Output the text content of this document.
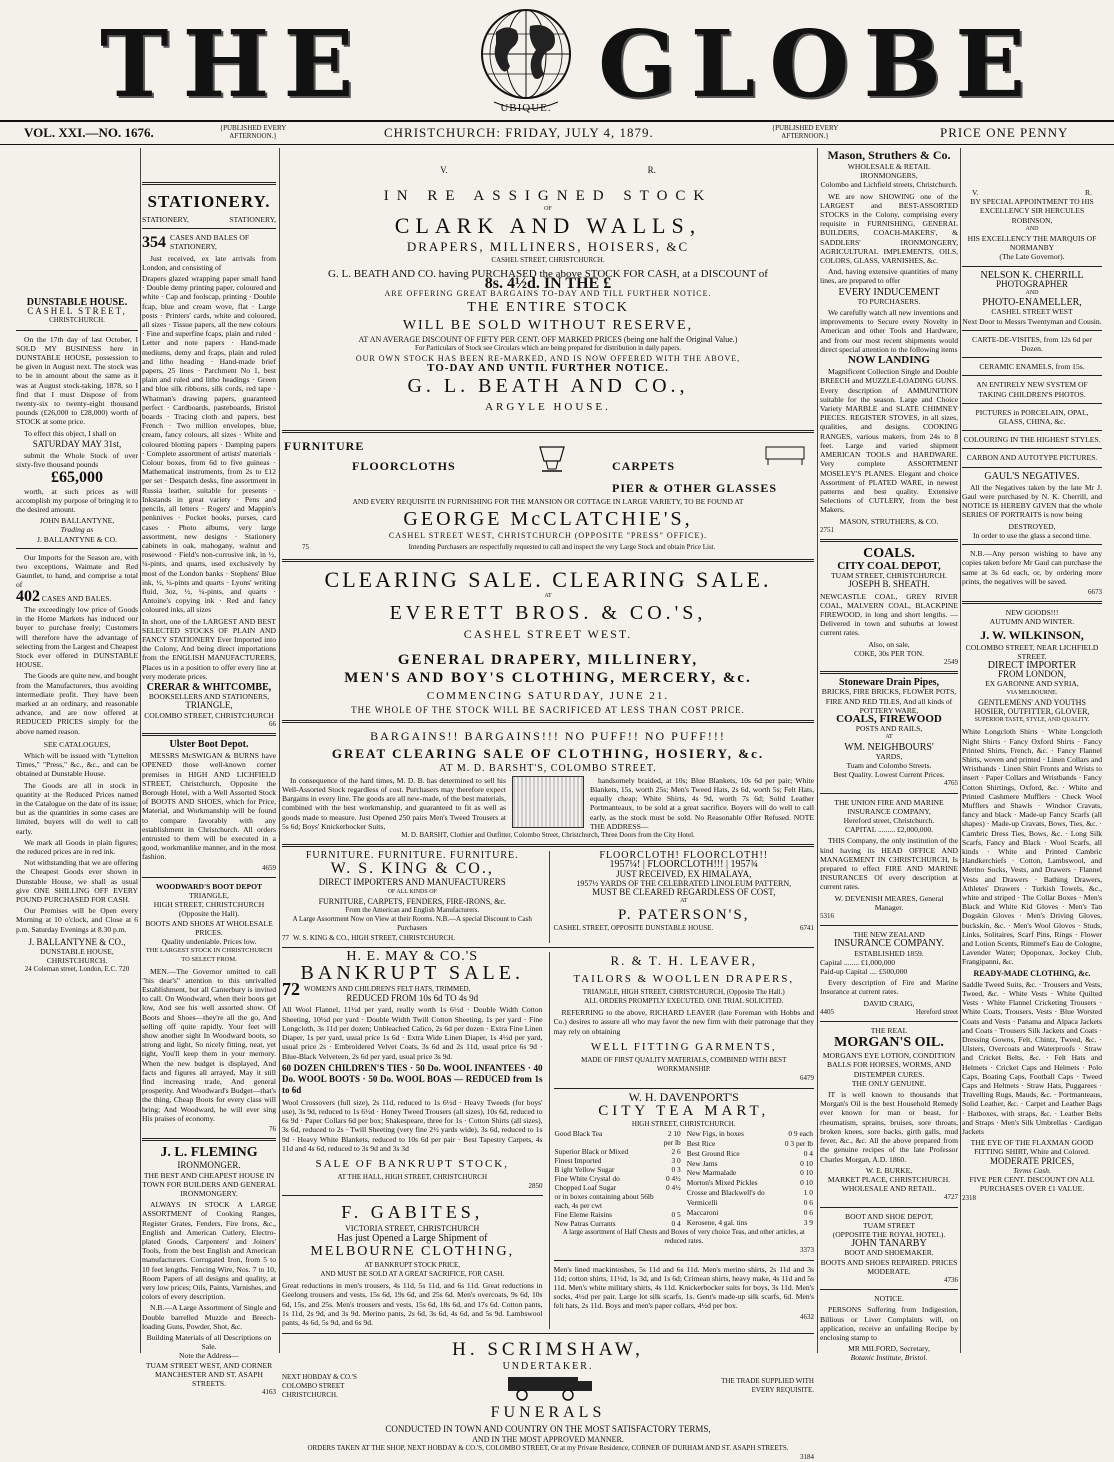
THE	UBIQUE. GLOBE
VOL. XXI.—NO. 1676.	{PUBLISHED EVERY AFTERNOON.}	CHRISTCHURCH: FRIDAY, JULY 4, 1879.	{PUBLISHED EVERY AFTERNOON.}	PRICE ONE PENNY
DUNSTABLE HOUSE.
CASHEL STREET,
CHRISTCHURCH.

On the 17th day of last October, I SOLD MY BUSINESS here in DUNSTABLE HOUSE, possession to be given in August next. The stock was to be in amount about the same as it was at August stock-taking, 1878, so I find that I must Dispose of from twenty-six to twenty-eight thousand pounds (£26,000 to £28,000) worth of STOCK at some price.

To effect this object, I shall on

SATURDAY MAY 31st,

submit the Whole Stock of over sixty-five thousand pounds

£65,000

worth, at such prices as will accomplish my purpose of bringing it to the desired amount.

JOHN BALLANTYNE,
Trading as
J. BALLANTYNE & CO.

Our Imports for the Season are, with two exceptions, Waimate and Red Gauntlet, to hand, and comprise a total of

402 CASES AND BALES.

The exceedingly low price of Goods in the Home Markets has induced our buyer to purchase freely; Customers will therefore have the advantage of selecting from the Largest and Cheapest Stock ever offered in DUNSTABLE HOUSE.

The Goods are quite new, and bought from the Manufacturers, thus avoiding intermediate profit. They have been marked at an ordinary, and reasonable advance, and are now offered at REDUCED PRICES simply for the above named reason.

SEE CATALOGUES,

Which will be issued with "Lyttelton Times," "Press," &c., &c., and can be obtained at Dunstable House.

The Goods are all in stock in quantity at the Reduced Prices named in the Catalogue on the date of its issue; but as the quantities in some cases are limited, buyers will do well to call early.

We mark all Goods in plain figures; the reduced prices are in red ink.

Not withstanding that we are offering the Cheapest Goods ever shown in Dunstable House, we shall as usual give ONE SHILLING OFF EVERY POUND PURCHASED FOR CASH.

Our Premises will be Open every Morning at 10 o'clock, and Close at 6 p.m. Saturday Evenings at 8.30 p.m.

J. BALLANTYNE & CO.,
DUNSTABLE HOUSE,
CHRISTCHURCH.
24 Coleman street, London, E.C. 720
STATIONERY.
STATIONERY,	STATIONERY,
354 CASES AND BALES OF STATIONERY,

Just received, ex late arrivals from London, and consisting of

Drapers glazed wrapping paper small hand · Double demy printing paper, coloured and white · Cap and foolscap, printing · Double fcap, blue and cream wove, flat · Large posts · Printers' cards, white and coloured, all sizes · Tissue papers, all the new colours · Fine and superfine fcaps, plain and ruled · Letter and note papers · Hand-made mediums, demy and fcaps, plain and ruled and litho heading · Hand-made brief papers, 25 lines · Parchment No 1, best plain and ruled and litho headings · Green and blue silk ribbons, silk cords, red tape · Whatman's drawing papers, guaranteed perfect · Cardboards, pasteboards, Bristol boards · Tracing cloth and papers, best French · Two million envelopes, blue, cream, fancy colours, all sizes · White and coloured blotting papers · Damping papers · Complete assortment of artists' materials · Colour boxes, from 6d to five guineas · Mathematical instruments, from 2s to £12 per set · Despatch desks, fine assortment in Russia leather, suitable for presents · Inkstands in great variety · Pens and pencils, all letters · Rogers' and Mappin's penknives · Pocket books, purses, card cases · Photo albums, very large assortment, new designs · Stationery cabinets in oak, mahogany, walnut and rosewood · Field's non-corrosive ink, in ½, ¼-pints, and quarts, used exclusively by most of the London banks · Stephens' Blue ink, ½, ¼-pints and quarts · Lyons' writing fluid, 3oz, ½, ¼-pints, and quarts · Antoine's copying ink · Red and fancy coloured inks, all sizes

In short, one of the LARGEST AND BEST SELECTED STOCKS OF PLAIN AND FANCY STATIONERY Ever Imported into the Colony, And being direct importations from the ENGLISH MANUFACTURERS, Places us in a position to offer every line at very moderate prices.

CRERAR & WHITCOMBE,
BOOKSELLERS AND STATIONERS,
TRIANGLE,
COLOMBO STREET, CHRISTCHURCH
66
Ulster Boot Depot.

MESSRS McSWIGAN & BURNS have OPENED those well-known corner premises in HIGH AND LICHFIELD STREET, Christchurch, Opposite the Borough Hotel, with a Well Assorted Stock of BOOTS AND SHOES, which for Price, Material, and Workmanship will be found to compare favorably with any establishment in Christchurch. All orders entrusted to them will be executed in a good, workmanlike manner, and in the most fashion.

4659
WOODWARD'S BOOT DEPOT
TRIANGLE,
HIGH STREET, CHRISTCHURCH
(Opposite the Hall).
BOOTS AND SHOES AT WHOLESALE PRICES.
Quality undeniable. Prices low.
THE LARGEST STOCK IN CHRISTCHURCH TO SELECT FROM.

MEN.—The Governor omitted to call "his dear's" attention to this unrivalled Establishment, but all Canterbury is invited to call. On Woodward, when their boots get low, And see his well assorted show. Of Boots and Shoes—they're all the go, And selling off quite rapidly. Your feet will show another sight In Woodward boots, so strong and light, So nicely fitting, neat, yet tight, You'll keep them in your memory. When the new budget is displayed, And facts and figures all arrayed, May it still find increasing trade, And general prosperity. And Woodward's Budget—that's the thing, Cheap Boots for every class will bring; And Woodward, he will ever sing His praises of economy.

76
J. L. FLEMING
IRONMONGER.
THE BEST AND CHEAPEST HOUSE IN TOWN FOR BUILDERS AND GENERAL IRONMONGERY.

ALWAYS IN STOCK A LARGE ASSORTMENT of Cooking Ranges, Register Grates, Fenders, Fire Irons, &c., English and American Cutlery, Electro-plated Goods, Carpenters' and Joiners' Tools, from the best English and American manufacturers. Corrugated Iron, from 5 to 10 feet lengths. Fencing Wire, Nos. 7 to 10, Room Papers of all designs and quality, at very low prices; Oils, Paints, Varnishes, and colors of every description.

N.B.—A Large Assortment of Single and Double barrelled Muzzle and Breech-loading Guns, Powder, Shot, &c.

Building Materials of all Descriptions on Sale.
Note the Address—
TUAM STREET WEST, AND CORNER MANCHESTER AND ST. ASAPH STREETS.
4163
V.	R.
IN RE ASSIGNED STOCK
OF
CLARK AND WALLS,
DRAPERS, MILLINERS, HOISERS, &C
CASHEL STREET, CHRISTCHURCH.
G. L. BEATH AND CO. having PURCHASED the above STOCK FOR CASH, at a DISCOUNT of
8s. 4½d. IN THE £
ARE OFFERING GREAT BARGAINS TO-DAY AND TILL FURTHER NOTICE.
THE ENTIRE STOCK
WILL BE SOLD WITHOUT RESERVE,
AT AN AVERAGE DISCOUNT OF FIFTY PER CENT. OFF MARKED PRICES (being one half the Original Value.)
For Particulars of Stock see Circulars which are being prepared for distribution in daily papers.
OUR OWN STOCK HAS BEEN RE-MARKED, AND IS NOW OFFERED WITH THE ABOVE,
TO-DAY AND UNTIL FURTHER NOTICE.
G. L. BEATH AND CO.,
ARGYLE HOUSE.
FURNITURE
FLOORCLOTHS	CARPETS
PIER & OTHER GLASSES
AND EVERY REQUISITE IN FURNISHING FOR THE MANSION OR COTTAGE IN LARGE VARIETY, TO BE FOUND AT
GEORGE McCLATCHIE'S,
CASHEL STREET WEST, CHRISTCHURCH (OPPOSITE "PRESS" OFFICE).
75	Intending Purchasers are respectfully requested to call and inspect the very Large Stock and obtain Price List.
CLEARING SALE. CLEARING SALE.
AT
EVERETT BROS. & CO.'S,
CASHEL STREET WEST.
GENERAL DRAPERY, MILLINERY,
MEN'S AND BOY'S CLOTHING, MERCERY, &c.
COMMENCING SATURDAY, JUNE 21.
THE WHOLE OF THE STOCK WILL BE SACRIFICED AT LESS THAN COST PRICE.
BARGAINS!! BARGAINS!!! NO PUFF!! NO PUFF!!!
GREAT CLEARING SALE OF CLOTHING, HOSIERY, &c.
AT M. D. BARSHT'S, COLOMBO STREET.

In consequence of the hard times, M. D. B. has determined to sell his Well-Assorted Stock regardless of cost. Purchasers may therefore expect Bargains in every line. The goods are all new-made, of the best materials, combined with the best workmanship, and guaranteed to fit as well as goods made to measure. Just Opened 250 pairs Men's Tweed Trousers at 5s 6d; Boys' Knickerbocker Suits,

handsomely braided, at 10s; Blue Blankets, 10s 6d per pair; White Blankets, 15s, worth 25s; Men's Tweed Hats, 2s 6d, worth 5s; Felt Hats, equally cheap; White Shirts, 4s 9d, worth 7s 6d; Solid Leather Portmanteaux, to be sold at a great sacrifice. Boyers will do well to call early, as the stock must be sold. No Reasonable Offer Refused. NOTE THE ADDRESS—

M. D. BARSHT, Clothier and Outfitter, Colombo Street, Christchurch, Three Doors from the City Hotel.
FURNITURE. FURNITURE. FURNITURE.
W. S. KING & CO.,
DIRECT IMPORTERS AND MANUFACTURERS
OF ALL KINDS OF
FURNITURE, CARPETS, FENDERS, FIRE-IRONS, &c.
From the American and English Manufacturers.
A Large Assortment Now on View at their Rooms. N.B.—A special Discount to Cash Purchasers
77 W. S. KING & CO., HIGH STREET, CHRISTCHURCH.
FLOORCLOTH! FLOORCLOTH!!
1957¼! | FLOORCLOTH!!! | 1957¾
JUST RECEIVED, EX HIMALAYA,
1957½ YARDS OF THE CELEBRATED LINOLEUM PATTERN,
MUST BE CLEARED REGARDLESS OF COST,
AT
P. PATERSON'S,
CASHEL STREET, OPPOSITE DUNSTABLE HOUSE.	6741
H. E. MAY & CO.'S
BANKRUPT SALE.
72 WOMEN'S AND CHILDREN'S FELT HATS, TRIMMED,
REDUCED FROM 10s 6d TO 4s 9d

All Wool Flannel, 11½d per yard, really worth 1s 6½d · Double Width Cotton Sheeting, 10½d per yard · Double Width Twill Cotton Sheeting, 1s per yard · Fine Longcloth, 3s 11d per dozen; Unbleached Calico, 2s 6d per dozen · Extra Fine Linen Diaper, 1s per yard, usual price 1s 6d · Extra Wide Linen Diaper, 1s 4½d per yard, usual price 2s · Embroidered Velvet Coats, 3s 6d and 2s 11d, usual price 6s 9d · Blue-Black Velveteen, 2s 6d per yard, usual price 3s 9d.

60 DOZEN CHILDREN'S TIES · 50 Do. WOOL INFANTEES · 40 Do. WOOL BOOTS · 50 Do. WOOL BOAS — REDUCED from 1s to 6d

Wool Crossovers (full size), 2s 11d, reduced to 1s 6½d · Heavy Tweeds (for boys' use), 3s 9d, reduced to 1s 6½d · Honey Tweed Trousers (all sizes), 10s 6d, reduced to 6s 9d · Paper Collars 6d per box; Shakespeare, three for 1s · Cotton Shirts (all sizes), 3s 6d, reduced to 2s · Twill Sheeting (very fine 2½ yards wide), 3s 6d, reduced to 1s 9d · Heavy White Blankets, reduced to 10s 6d per pair · Best Tapestry Carpets, 4s 11d and 4s 6d, reduced to 3s 9d and 3s 3d

SALE OF BANKRUPT STOCK,
AT THE HALL, HIGH STREET, CHRISTCHURCH
2850
F. GABITES,
VICTORIA STREET, CHRISTCHURCH
Has just Opened a Large Shipment of
MELBOURNE CLOTHING,
AT BANKRUPT STOCK PRICE,
AND MUST BE SOLD AT A GREAT SACRIFICE, FOR CASH.

Great reductions in men's trousers, 4s 11d, 5s 11d, and 6s 11d. Great reductions in Geelong trousers and vests, 15s 6d, 19s 6d, and 25s 6d. Men's overcoats, 9s 6d, 10s 6d, 15s, and 25s. Men's trousers and vests, 15s 6d, 18s 6d, and 17s 6d. Cotton pants, 1s 11d, 2s 9d, and 3s 9d. Merino pants, 2s 6d, 3s 6d, 4s 6d, and 5s 9d. Lambswool pants, 4s 6d, 5s 9d, and 6s 9d.

R. & T. H. LEAVER,
TAILORS & WOOLLEN DRAPERS,
TRIANGLE, HIGH STREET, CHRISTCHURCH, (Opposite The Hall.)
ALL ORDERS PROMPTLY EXECUTED. ONE TRIAL SOLICITED.

REFERRING to the above, RICHARD LEAVER (late Foreman with Hobbs and Co.) desires to assure all who may favor the new firm with their patronage that they may rely on obtaining

WELL FITTING GARMENTS,
MADE OF FIRST QUALITY MATERIALS, COMBINED WITH BEST WORKMANSHIP.
6479
W. H. DAVENPORT'S
CITY TEA MART,
HIGH STREET, CHRISTCHURCH.
Good Black Tea	2 10 per lb
Superior Black or Mixed	2 6
Finest Imported	3 0
B ight Yellow Sugar	0 3
Fine White Crystal do	0 4½
Chopped Loaf Sugar	0 4½
or in boxes containing about 56lb each, 4s per cwt	
Fine Eleme Raisins	0 5
New Patras Currants	0 4
New Figs, in boxes	0 9 each
Best Rice	0 3 per lb
Best Ground Rice	0 4
New Jams	0 10
New Marmalade	0 10
Morton's Mixed Pickles	0 10
Crosse and Blackwell's do	1 0
Vermicelli	0 6
Maccaroni	0 6
Kerosene, 4 gal. tins	3 9
A large assortment of Half Chests and Boxes of very choice Teas, and other articles, at reduced rates.
3373

Men's lined mackintoshes, 5s 11d and 6s 11d. Men's merino shirts, 2s 11d and 3s 11d; cotton shirts, 11½d, 1s 3d, and 1s 6d; Crimean shirts, heavy make, 4s 11d and 5s 11d. Men's white military shirts, 4s 11d. Knickerbocker suits for boys, 3s 11d. Men's socks, 4½d per pair. Large lot silk scarfs, 1s. Gent's made-up silk scarfs, 6d. Men's felt hats, 2s 11d. Boys and men's paper collars, 4½d per box.

4632
H. SCRIMSHAW,
UNDERTAKER.
NEXT HOBDAY & CO.'S COLOMBO STREET CHRISTCHURCH.
THE TRADE SUPPLIED WITH EVERY REQUISITE.
FUNERALS
CONDUCTED IN TOWN AND COUNTRY ON THE MOST SATISFACTORY TERMS,
AND IN THE MOST APPROVED MANNER.
ORDERS TAKEN AT THE SHOP, NEXT HOBDAY & CO.'S, COLOMBO STREET, Or at my Private Residence, CORNER OF DURHAM AND ST. ASAPH STREETS.
3184
Mason, Struthers & Co.
WHOLESALE & RETAIL IRONMONGERS,
Colombo and Lichfield streets, Christchurch.

WE are now SHOWING one of the LARGEST and BEST-ASSORTED STOCKS in the Colony, comprising every requisite in FURNISHING, GENERAL BUILDERS, COACH-MAKERS', & SADDLERS' IRONMONGERY, AGRICULTURAL IMPLEMENTS, OILS, COLORS, GLASS, VARNISHES, &c.

And, having extensive quantities of many lines, are prepared to offer

EVERY INDUCEMENT
TO PURCHASERS.

We carefully watch all new inventions and improvements to Secure every Novelty in American and other Tools and Hardware, and from our most recent shipments would direct special attention to the following items

NOW LANDING

Magnificent Collection Single and Double BREECH and MUZZLE-LOADING GUNS. Every description of AMMUNITION suitable for the season. Large and Choice Variety MARBLE and SLATE CHIMNEY PIECES. REGISTER STOVES, in all sizes, qualities, and designs. COOKING RANGES, various makers, from 24s to 8 feet. Large and varied shipment AMERICAN TOOLS and HARDWARE. Very complete ASSORTMENT MOSELEY'S PLANES. Elegant and choice Assortment of PLATED WARE, in newest patterns and best quality. Extensive Selections of CUTLERY, from the best Makers.

MASON, STRUTHERS, & CO.
2751
COALS.
CITY COAL DEPOT,
TUAM STREET, CHRISTCHURCH.
JOSEPH B. SHEATH.

NEWCASTLE COAL, GREY RIVER COAL, MALVERN COAL, BLACKPINE FIREWOOD, in long and short lengths. — Delivered in town and suburbs at lowest current rates.

Also, on sale,
COKE, 30s PER TON.
2549
Stoneware Drain Pipes,
BRICKS, FIRE BRICKS, FLOWER POTS, FIRE AND RED TILES, And all kinds of POTTERY WARE,
COALS, FIREWOOD
POSTS AND RAILS,
AT
WM. NEIGHBOURS'
YARDS,
Tuam and Colombo Streets.
Best Quality. Lowest Current Prices.
4765
THE UNION FIRE AND MARINE INSURANCE COMPANY,
Hereford street, Christchurch.
CAPITAL ......... £2,000,000.

THIS Company, the only institution of the kind having its HEAD OFFICE AND MANAGEMENT IN CHRISTCHURCH, Is prepared to effect FIRE AND MARINE INSURANCES Of every description at current rates.

W. DEVENISH MEARES, General Manager.
5316
THE NEW ZEALAND
INSURANCE COMPANY.
ESTABLISHED 1859.
Capital ........ £1,000,000
Paid-up Capital .... £500,000

Every description of Fire and Marine Insurance at current rates.

DAVID CRAIG,
4405	Hereford street
THE REAL
MORGAN'S OIL.
MORGAN'S EYE LOTION, CONDITION BALLS FOR HORSES, WORMS, AND DISTEMPER CURES.
THE ONLY GENUINE.

IT is well known to thousands that Morgan's Oil is the best Household Remedy ever known for man or beast, for rheumatism, sprains, bruises, sore throats, broken knees, sore backs, girth galls, mud fever, &c., &c. All the above prepared from the genuine recipes of the late Professor Charles Morgan, A.D. 1860.

W. E. BURKE,
MARKET PLACE, CHRISTCHURCH.
WHOLESALE AND RETAIL.
4727
BOOT AND SHOE DEPOT,
TUAM STREET
(OPPOSITE THE ROYAL HOTEL).
JOHN TANARBY
BOOT AND SHOEMAKER.
BOOTS AND SHOES REPAIRED. PRICES MODERATE.
4736
NOTICE.

PERSONS Suffering from Indigestion, Billious or Liver Complaints will, on application, receive an unfailing Recipe by enclosing stamp to

MR MILFORD, Secretary,
Botanic Institute, Bristol.
V.	R.
BY SPECIAL APPOINTMENT TO HIS EXCELLENCY SIR HERCULES ROBINSON,
AND
HIS EXCELLENCY THE MARQUIS OF NORMANBY
(The Late Governor).
NELSON K. CHERRILL
PHOTOGRAPHER
AND
PHOTO-ENAMELLER,
CASHEL STREET WEST
Next Door to Messrs Twentyman and Cousin.
CARTE-DE-VISITES, from 12s 6d per Dozen.
CERAMIC ENAMELS, from 15s.
AN ENTIRELY NEW SYSTEM OF TAKING CHILDREN'S PHOTOS.
PICTURES in PORCELAIN, OPAL, GLASS, CHINA, &c.
COLOURING IN THE HIGHEST STYLES.
CARBON AND AUTOTYPE PICTURES.
GAUL'S NEGATIVES.

All the Negatives taken by the late Mr J. Gaul were purchased by N. K. Cherrill, and NOTICE IS HEREBY GIVEN that the whole SERIES OF PORTRAITS is now being

DESTROYED,
In order to use the glass a second time.

N.B.—Any person wishing to have any copies taken before Mr Gaul can purchase the same at 3s 6d each, or, by ordering more prints, the negatives will be saved.

6673
NEW GOODS!!!
AUTUMN AND WINTER.
J. W. WILKINSON,
COLOMBO STREET, NEAR LICHFIELD STREET.
DIRECT IMPORTER
FROM LONDON,
EX GARONNE AND SYRIA,
VIA MELBOURNE.
GENTLEMENS' AND YOUTHS HOSIER, OUTFITTER, GLOVER,
SUPERIOR TASTE, STYLE, AND QUALITY.

White Longcloth Shirts · White Longcloth Night Shirts · Fancy Oxford Shirts · Fancy Printed Shirts, French, &c. · Fancy Flannel Shirts, woven and printed · Linen Collars and Wristbands · Linen Shirt Fronts and Wrists to insert · Paper Collars and Wristbands · Fancy Cotton Shirtings, Oxford, &c. · White and Printed Cashmere Mufflers · Check Wool Mufflers and Shawls · Windsor Cravats, fancy and black · Made-up Fancy Scarfs (all shapes) · Made-up Cravats, Bows, Ties, &c. · Cambric Dress Ties, Bows, &c. · Long Silk Scarfs, Fancy and Black · Wool Scarfs, all kinds · White and Printed Cambric Handkerchiefs · Cotton, Lambswool, and Merino Socks, Vests, and Drawers · Flannel Vests and Drawers · Bathing Drawers, Athletes' Drawers · Turkish Towels, &c., white and striped · The Collar Boxes · Men's Black and White Kid Gloves · Men's Tan Dogskin Gloves · Men's Driving Gloves, buckskin, &c. · Men's Wool Gloves · Studs, Links, Solitaires, Scarf Pins, Rings · Flower and Lotion Scents, Rimmel's Eau de Cologne, Lavender Water; Opoponax, Jockey Club, Frangipanni, &c.

READY-MADE CLOTHING, &c.

Saddle Tweed Suits, &c. · Trousers and Vests, Tweed, &c. · White Vests · White Quilted Vests · White Flannel Cricketing Trousers · White Coats, Trousers, Vests · Blue Worsted Coats and Vests · Panama and Alpaca Jackets and Coats · Trousers Silk Jackets and Coats · Dressing Gowns, Felt, Chintz, Tweed, &c. · Ulsters, Overcoats and Waterproofs · Straw and Cricket Belts, &c. · Felt Hats and Helmets · Cricket Caps and Helmets · Polo Caps, Boating Caps, Football Caps · Tweed Caps and Helmets · Straw Hats, Puggarees · Travelling Rugs, Mauds, &c. · Portmanteaus, Solid Leather, &c. · Carpet and Leather Bags · Hatboxes, with straps, &c. · Leather Belts and Straps · Men's Silk Umbrellas · Cardigan Jackets

THE EYE OF THE FLAXMAN GOOD FITTING SHIRT, White and Colored.
MODERATE PRICES,
Terms Cash.
FIVE PER CENT. DISCOUNT ON ALL PURCHASES OVER £1 VALUE.
2318
